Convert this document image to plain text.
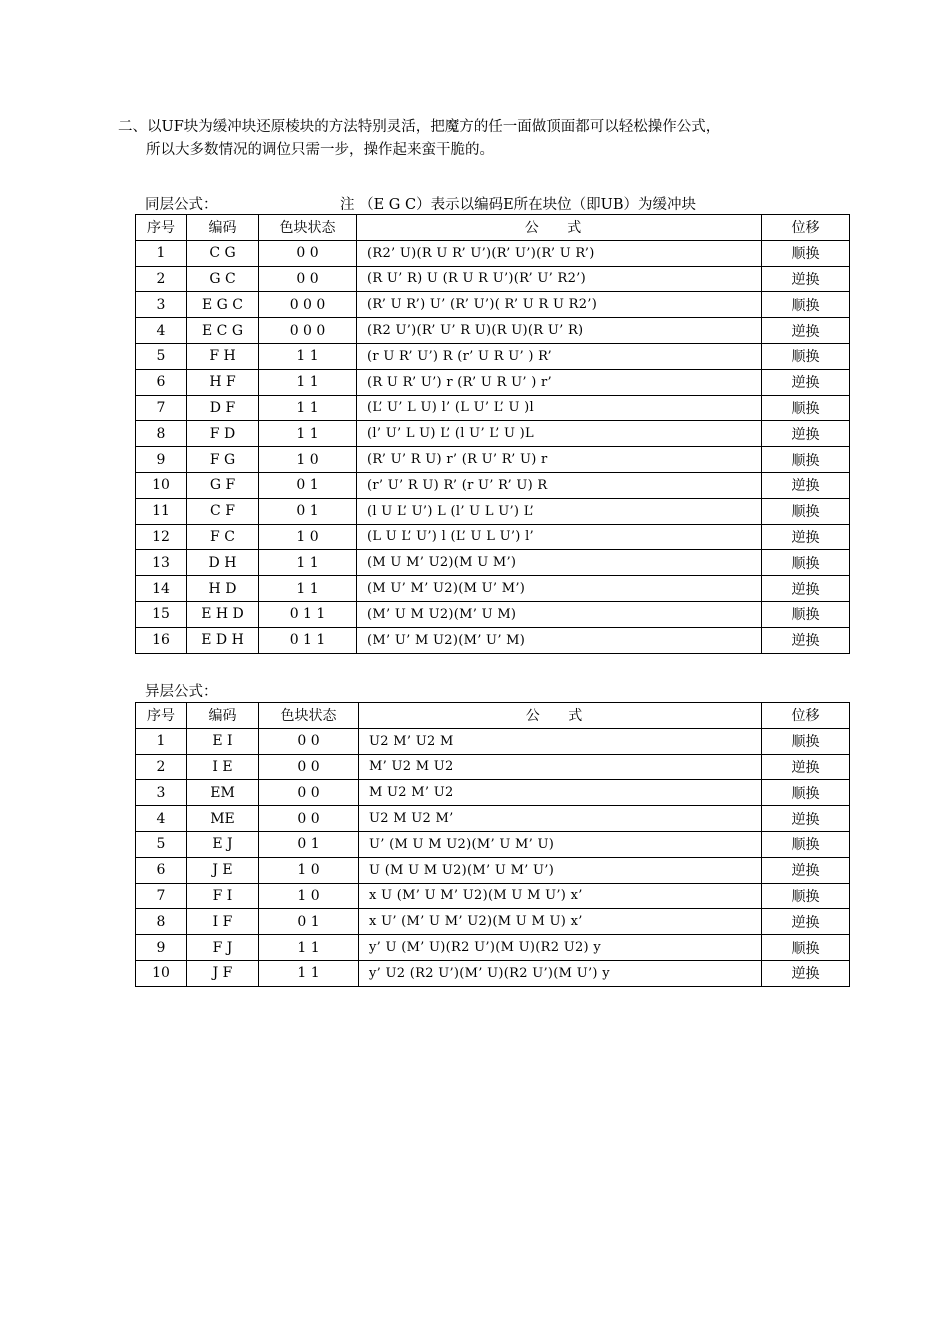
二、以UF块为缓冲块还原棱块的方法特别灵活，把魔方的任一面做顶面都可以轻松操作公式，
所以大多数情况的调位只需一步，操作起来蛮干脆的。
同层公式：	注 （E G C）表示以编码E所在块位（即UB）为缓冲块
序号	编码	色块状态	公 式	位移
1	C G	0 0	(R2’ U)(R U R’ U’)(R’ U’)(R’ U R’)	顺换
2	G C	0 0	(R U’ R) U (R U R U’)(R’ U’ R2’)	逆换
3	E G C	0 0 0	(R’ U R’) U’ (R’ U’)( R’ U R U R2’)	顺换
4	E C G	0 0 0	(R2 U’)(R’ U’ R U)(R U)(R U’ R)	逆换
5	F H	1 1	(r U R’ U’) R (r’ U R U’ ) R’	顺换
6	H F	1 1	(R U R’ U’) r (R’ U R U’ ) r’	逆换
7	D F	1 1	(L’ U’ L U) l’ (L U’ L’ U )l	顺换
8	F D	1 1	(l’ U’ L U) L’ (l U’ L’ U )L	逆换
9	F G	1 0	(R’ U’ R U) r’ (R U’ R’ U) r	顺换
10	G F	0 1	(r’ U’ R U) R’ (r U’ R’ U) R	逆换
11	C F	0 1	(l U L’ U’) L (l’ U L U’) L’	顺换
12	F C	1 0	(L U L’ U’) l (L’ U L U’) l’	逆换
13	D H	1 1	(M U M’ U2)(M U M’)	顺换
14	H D	1 1	(M U’ M’ U2)(M U’ M’)	逆换
15	E H D	0 1 1	(M’ U M U2)(M’ U M)	顺换
16	E D H	0 1 1	(M’ U’ M U2)(M’ U’ M)	逆换
异层公式：
序号	编码	色块状态	公 式	位移
1	E I	0 0	U2 M’ U2 M	顺换
2	I E	0 0	M’ U2 M U2	逆换
3	EM	0 0	M U2 M’ U2	顺换
4	ME	0 0	U2 M U2 M’	逆换
5	E J	0 1	U’ (M U M U2)(M’ U M’ U)	顺换
6	J E	1 0	U (M U M U2)(M’ U M’ U’)	逆换
7	F I	1 0	x U (M’ U M’ U2)(M U M U’) x’	顺换
8	I F	0 1	x U’ (M’ U M’ U2)(M U M U) x’	逆换
9	F J	1 1	y’ U (M’ U)(R2 U’)(M U)(R2 U2) y	顺换
10	J F	1 1	y’ U2 (R2 U’)(M’ U)(R2 U’)(M U’) y	逆换
